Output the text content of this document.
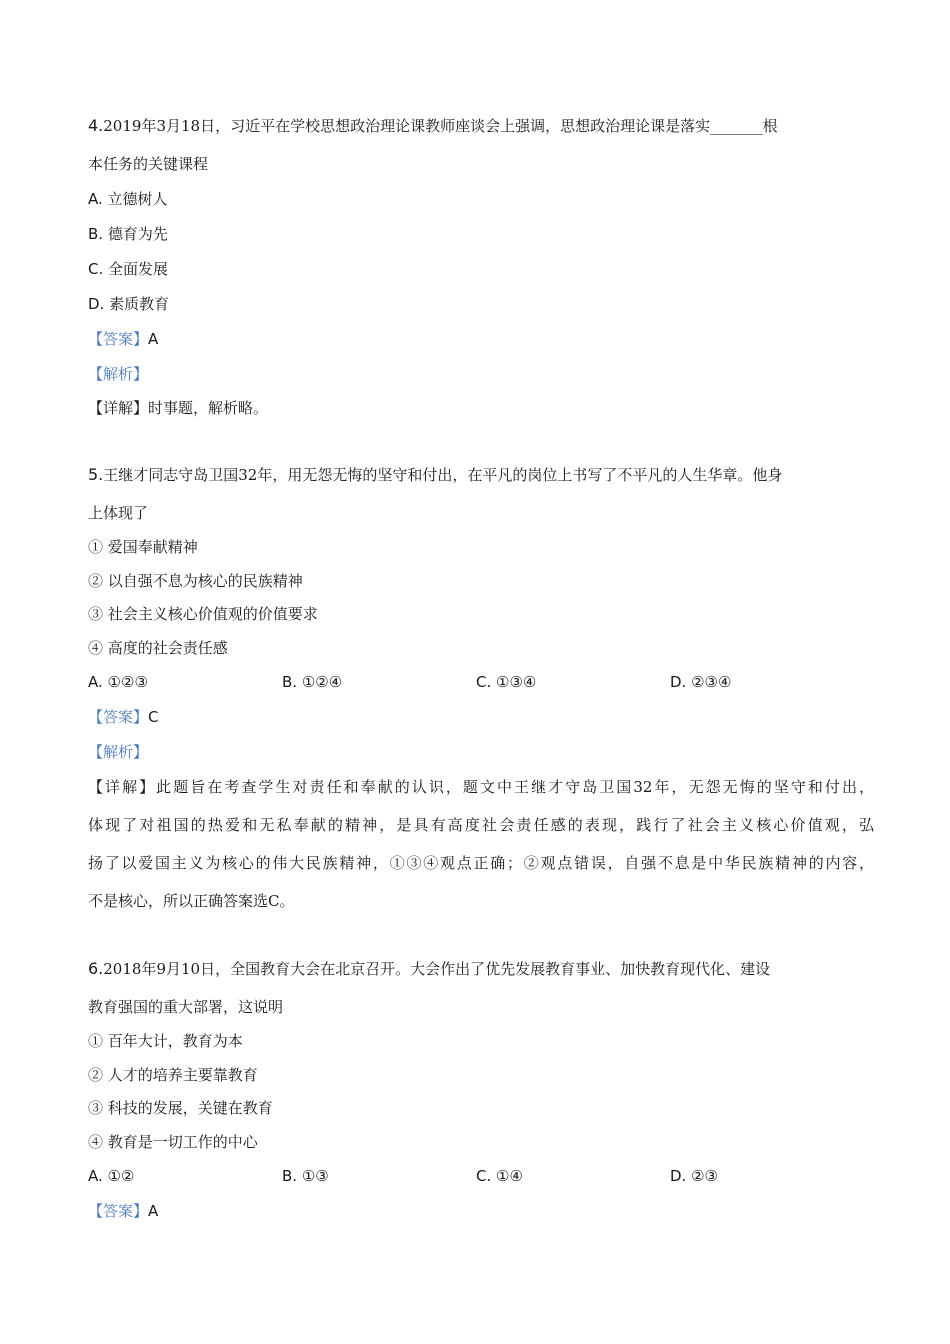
4.2019年3月18日，习近平在学校思想政治理论课教师座谈会上强调，思想政治理论课是落实_______根
本任务的关键课程
A. 立德树人
B. 德育为先
C. 全面发展
D. 素质教育
【答案】A
【解析】
【详解】时事题，解析略。
5.王继才同志守岛卫国32年，用无怨无悔的坚守和付出，在平凡的岗位上书写了不平凡的人生华章。他身
上体现了
① 爱国奉献精神
② 以自强不息为核心的民族精神
③ 社会主义核心价值观的价值要求
④ 高度的社会责任感
A. ①②③	B. ①②④	C. ①③④	D. ②③④
【答案】C
【解析】
【详解】此题旨在考查学生对责任和奉献的认识，题文中王继才守岛卫国32年，无怨无悔的坚守和付出，
体现了对祖国的热爱和无私奉献的精神，是具有高度社会责任感的表现，践行了社会主义核心价值观，弘
扬了以爱国主义为核心的伟大民族精神，①③④观点正确；②观点错误，自强不息是中华民族精神的内容，
不是核心，所以正确答案选C。
6.2018年9月10日，全国教育大会在北京召开。大会作出了优先发展教育事业、加快教育现代化、建设
教育强国的重大部署，这说明
① 百年大计，教育为本
② 人才的培养主要靠教育
③ 科技的发展，关键在教育
④ 教育是一切工作的中心
A. ①②	B. ①③	C. ①④	D. ②③
【答案】A
